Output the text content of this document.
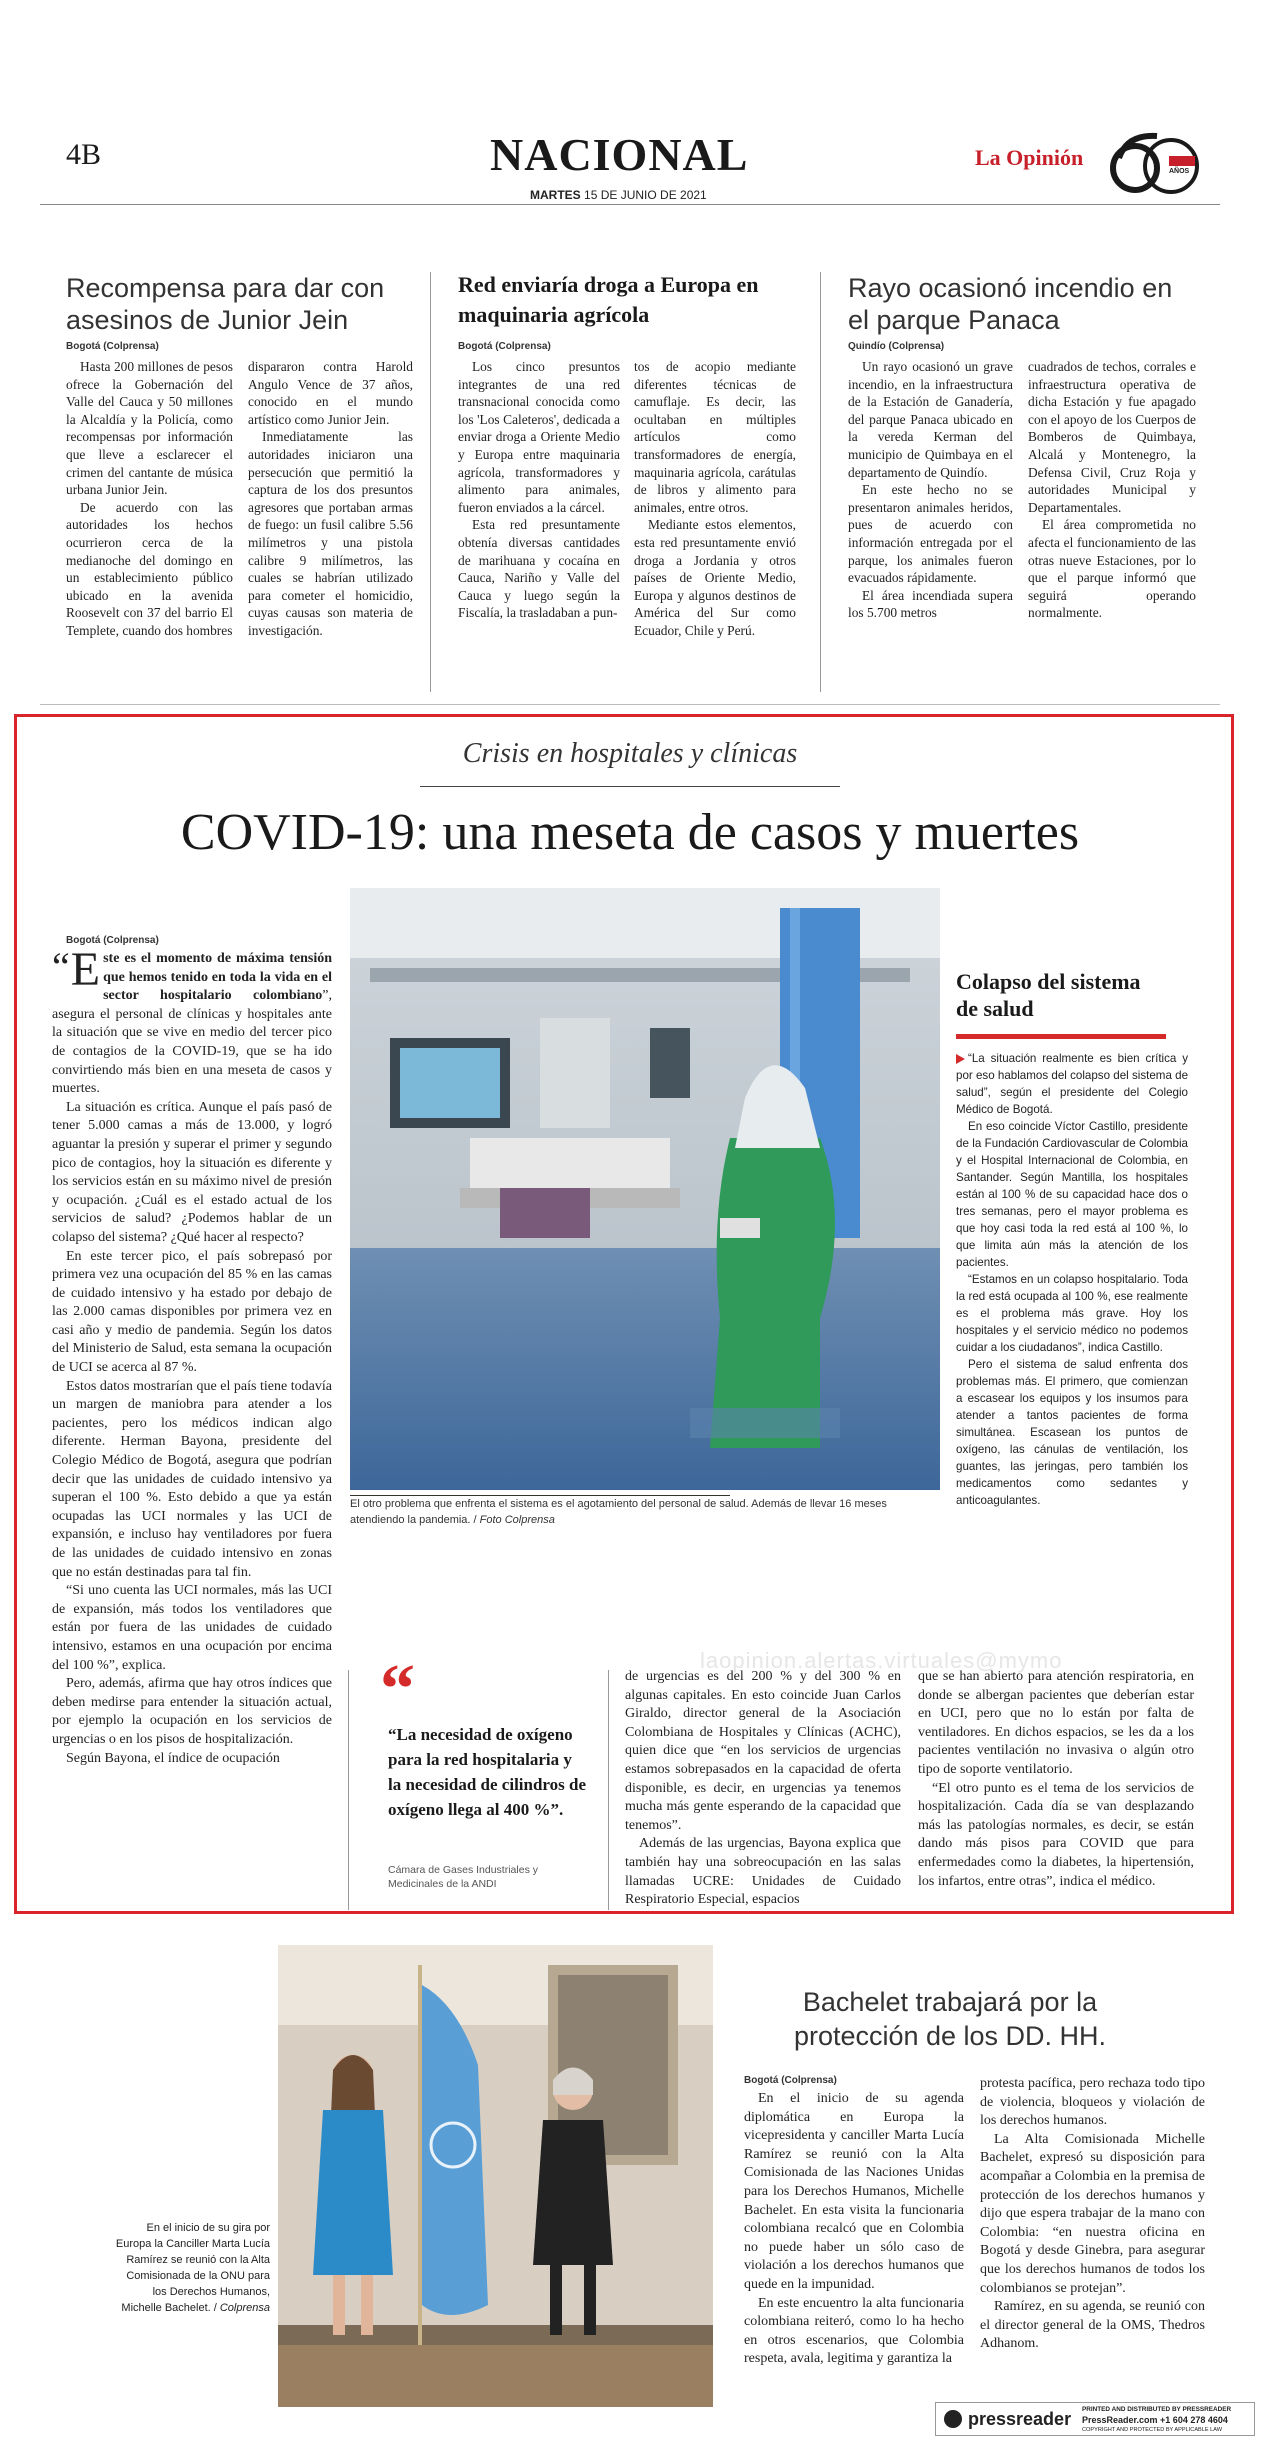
4B	NACIONAL
MARTES 15 DE JUNIO DE 2021
La Opinión
AÑOS
Recompensa para dar con asesinos de Junior Jein
Bogotá (Colprensa)

Hasta 200 millones de pesos ofrece la Gobernación del Valle del Cauca y 50 millones la Alcaldía y la Policía, como recompensas por información que lleve a esclarecer el crimen del cantante de música urbana Junior Jein.

De acuerdo con las autoridades los hechos ocurrieron cerca de la medianoche del domingo en un establecimiento público ubicado en la avenida Roosevelt con 37 del barrio El Templete, cuando dos hombres

dispararon contra Harold Angulo Vence de 37 años, conocido en el mundo artístico como Junior Jein.

Inmediatamente las autoridades iniciaron una persecución que permitió la captura de los dos presuntos agresores que portaban armas de fuego: un fusil calibre 5.56 milímetros y una pistola calibre 9 milímetros, las cuales se habrían utilizado para cometer el homicidio, cuyas causas son materia de investigación.

Red enviaría droga a Europa en maquinaria agrícola
Bogotá (Colprensa)

Los cinco presuntos integrantes de una red transnacional conocida como los 'Los Caleteros', dedicada a enviar droga a Oriente Medio y Europa entre maquinaria agrícola, transformadores y alimento para animales, fueron enviados a la cárcel.

Esta red presuntamente obtenía diversas cantidades de marihuana y cocaína en Cauca, Nariño y Valle del Cauca y luego según la Fiscalía, la trasladaban a pun-

tos de acopio mediante diferentes técnicas de camuflaje. Es decir, las ocultaban en múltiples artículos como transformadores de energía, maquinaria agrícola, carátulas de libros y alimento para animales, entre otros.

Mediante estos elementos, esta red presuntamente envió droga a Jordania y otros países de Oriente Medio, Europa y algunos destinos de América del Sur como Ecuador, Chile y Perú.

Rayo ocasionó incendio en el parque Panaca
Quindío (Colprensa)

Un rayo ocasionó un grave incendio, en la infraestructura de la Estación de Ganadería, del parque Panaca ubicado en la vereda Kerman del municipio de Quimbaya en el departamento de Quindío.

En este hecho no se presentaron animales heridos, pues de acuerdo con información entregada por el parque, los animales fueron evacuados rápidamente.

El área incendiada supera los 5.700 metros

cuadrados de techos, corrales e infraestructura operativa de dicha Estación y fue apagado con el apoyo de los Cuerpos de Bomberos de Quimbaya, Alcalá y Montenegro, la Defensa Civil, Cruz Roja y autoridades Municipal y Departamentales.

El área comprometida no afecta el funcionamiento de las otras nueve Estaciones, por lo que el parque informó que seguirá operando normalmente.

Crisis en hospitales y clínicas
COVID-19: una meseta de casos y muertes
Bogotá (Colprensa)

“ E ste es el momento de máxima tensión que hemos tenido en toda la vida en el sector hospitalario colombiano”, asegura el personal de clínicas y hospitales ante la situación que se vive en medio del tercer pico de contagios de la COVID-19, que se ha ido convirtiendo más bien en una meseta de casos y muertes.

La situación es crítica. Aunque el país pasó de tener 5.000 camas a más de 13.000, y logró aguantar la presión y superar el primer y segundo pico de contagios, hoy la situación es diferente y los servicios están en su máximo nivel de presión y ocupación. ¿Cuál es el estado actual de los servicios de salud? ¿Podemos hablar de un colapso del sistema? ¿Qué hacer al respecto?

En este tercer pico, el país sobrepasó por primera vez una ocupación del 85 % en las camas de cuidado intensivo y ha estado por debajo de las 2.000 camas disponibles por primera vez en casi año y medio de pandemia. Según los datos del Ministerio de Salud, esta semana la ocupación de UCI se acerca al 87 %.

Estos datos mostrarían que el país tiene todavía un margen de maniobra para atender a los pacientes, pero los médicos indican algo diferente. Herman Bayona, presidente del Colegio Médico de Bogotá, asegura que podrían decir que las unidades de cuidado intensivo ya superan el 100 %. Esto debido a que ya están ocupadas las UCI normales y las UCI de expansión, e incluso hay ventiladores por fuera de las unidades de cuidado intensivo en zonas que no están destinadas para tal fin.

“Si uno cuenta las UCI normales, más las UCI de expansión, más todos los ventiladores que están por fuera de las unidades de cuidado intensivo, estamos en una ocupación por encima del 100 %”, explica.

Pero, además, afirma que hay otros índices que deben medirse para entender la situación actual, por ejemplo la ocupación en los servicios de urgencias o en los pisos de hospitalización.

Según Bayona, el índice de ocupación

El otro problema que enfrenta el sistema es el agotamiento del personal de salud. Además de llevar 16 meses atendiendo la pandemia. / Foto Colprensa
“
“La necesidad de oxígeno para la red hospitalaria y la necesidad de cilindros de oxígeno llega al 400 %”.
Cámara de Gases Industriales y Medicinales de la ANDI

de urgencias es del 200 % y del 300 % en algunas capitales. En esto coincide Juan Carlos Giraldo, director general de la Asociación Colombiana de Hospitales y Clínicas (ACHC), quien dice que “en los servicios de urgencias estamos sobrepasados en la capacidad de oferta disponible, es decir, en urgencias ya tenemos mucha más gente esperando de la capacidad que tenemos”.

Además de las urgencias, Bayona explica que también hay una sobreocupación en las salas llamadas UCRE: Unidades de Cuidado Respiratorio Especial, espacios

que se han abierto para atención respiratoria, en donde se albergan pacientes que deberían estar en UCI, pero que no lo están por falta de ventiladores. En dichos espacios, se les da a los pacientes ventilación no invasiva o algún otro tipo de soporte ventilatorio.

“El otro punto es el tema de los servicios de hospitalización. Cada día se van desplazando más las patologías normales, es decir, se están dando más pisos para COVID que para enfermedades como la diabetes, la hipertensión, los infartos, entre otras”, indica el médico.

laopinion.alertas.virtuales@mymo
Colapso del sistema de salud

“La situación realmente es bien crítica y por eso hablamos del colapso del sistema de salud”, según el presidente del Colegio Médico de Bogotá.

En eso coincide Víctor Castillo, presidente de la Fundación Cardiovascular de Colombia y el Hospital Internacional de Colombia, en Santander. Según Mantilla, los hospitales están al 100 % de su capacidad hace dos o tres semanas, pero el mayor problema es que hoy casi toda la red está al 100 %, lo que limita aún más la atención de los pacientes.

“Estamos en un colapso hospitalario. Toda la red está ocupada al 100 %, ese realmente es el problema más grave. Hoy los hospitales y el servicio médico no podemos cuidar a los ciudadanos”, indica Castillo.

Pero el sistema de salud enfrenta dos problemas más. El primero, que comienzan a escasear los equipos y los insumos para atender a tantos pacientes de forma simultánea. Escasean los puntos de oxígeno, las cánulas de ventilación, los guantes, las jeringas, pero también los medicamentos como sedantes y anticoagulantes.

En el inicio de su gira por Europa la Canciller Marta Lucía Ramírez se reunió con la Alta Comisionada de la ONU para los Derechos Humanos, Michelle Bachelet. / Colprensa
Bachelet trabajará por la protección de los DD. HH.
Bogotá (Colprensa)

En el inicio de su agenda diplomática en Europa la vicepresidenta y canciller Marta Lucía Ramírez se reunió con la Alta Comisionada de las Naciones Unidas para los Derechos Humanos, Michelle Bachelet. En esta visita la funcionaria colombiana recalcó que en Colombia no puede haber un sólo caso de violación a los derechos humanos que quede en la impunidad.

En este encuentro la alta funcionaria colombiana reiteró, como lo ha hecho en otros escenarios, que Colombia respeta, avala, legitima y garantiza la

protesta pacífica, pero rechaza todo tipo de violencia, bloqueos y violación de los derechos humanos.

La Alta Comisionada Michelle Bachelet, expresó su disposición para acompañar a Colombia en la premisa de protección de los derechos humanos y dijo que espera trabajar de la mano con Colombia: “en nuestra oficina en Bogotá y desde Ginebra, para asegurar que los derechos humanos de todos los colombianos se protejan”.

Ramírez, en su agenda, se reunió con el director general de la OMS, Thedros Adhanom.

pressreader PRINTED AND DISTRIBUTED BY PRESSREADER
PressReader.com +1 604 278 4604
COPYRIGHT AND PROTECTED BY APPLICABLE LAW
